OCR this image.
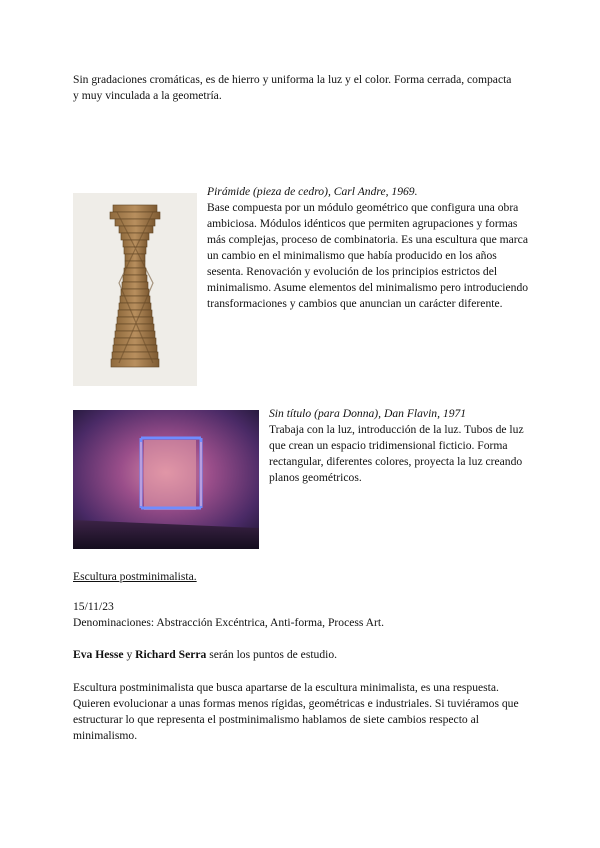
Sin gradaciones cromáticas, es de hierro y uniforma la luz y el color. Forma cerrada, compacta y muy vinculada a la geometría.

Pirámide (pieza de cedro), Carl Andre, 1969.

Base compuesta por un módulo geométrico que configura una obra ambiciosa. Módulos idénticos que permiten agrupaciones y formas más complejas, proceso de combinatoria. Es una escultura que marca un cambio en el minimalismo que había producido en los años sesenta. Renovación y evolución de los principios estrictos del minimalismo. Asume elementos del minimalismo pero introduciendo transformaciones y cambios que anuncian un carácter diferente.

Sin título (para Donna), Dan Flavin, 1971

Trabaja con la luz, introducción de la luz. Tubos de luz que crean un espacio tridimensional ficticio. Forma rectangular, diferentes colores, proyecta la luz creando planos geométricos.

Escultura postminimalista.

15/11/23

Denominaciones: Abstracción Excéntrica, Anti-forma, Process Art.

Eva Hesse y Richard Serra serán los puntos de estudio.

Escultura postminimalista que busca apartarse de la escultura minimalista, es una respuesta. Quieren evolucionar a unas formas menos rígidas, geométricas e industriales. Si tuviéramos que estructurar lo que representa el postminimalismo hablamos de siete cambios respecto al minimalismo.
